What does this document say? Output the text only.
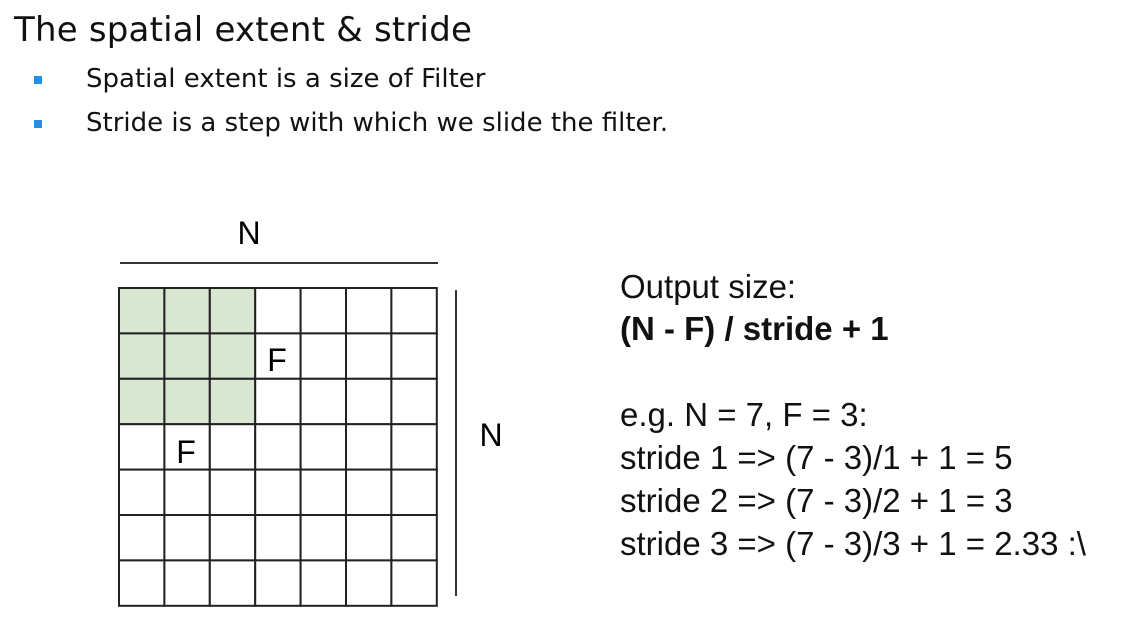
The spatial extent & stride
Spatial extent is a size of Filter
Stride is a step with which we slide the filter.
N
N
F
F
Output size:
(N - F) / stride + 1
e.g. N = 7, F = 3:
stride 1 => (7 - 3)/1 + 1 = 5
stride 2 => (7 - 3)/2 + 1 = 3
stride 3 => (7 - 3)/3 + 1 = 2.33 :\
